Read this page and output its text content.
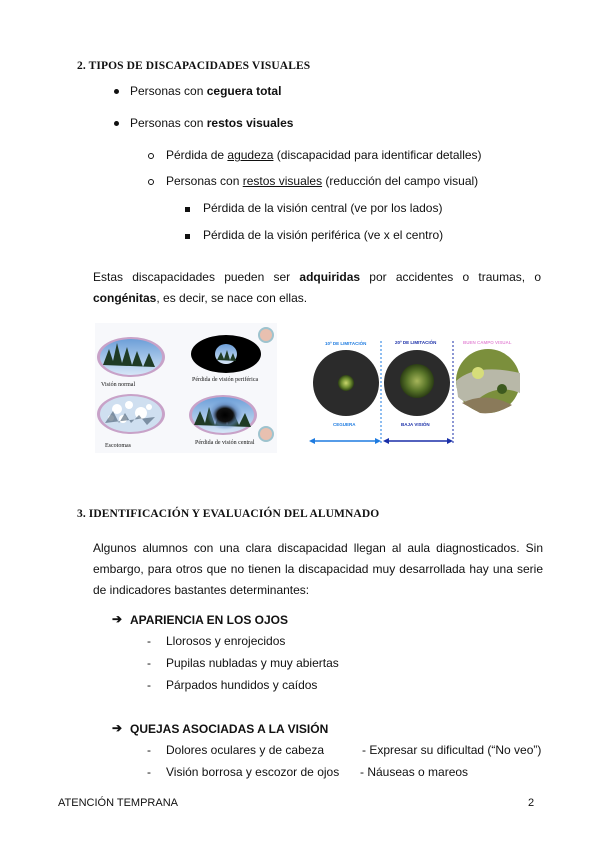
2. TIPOS DE DISCAPACIDADES VISUALES
Personas con ceguera total
Personas con restos visuales
Pérdida de agudeza (discapacidad para identificar detalles)
Personas con restos visuales (reducción del campo visual)
Pérdida de la visión central (ve por los lados)
Pérdida de la visión periférica (ve x el centro)
Estas discapacidades pueden ser adquiridas por accidentes o traumas, o congénitas, es decir, se nace con ellas.
Visión normal
Pérdida de visión periférica
Escotomas	Pérdida de visión central
10º DE LIMITACIÓN	20º DE LIMITACIÓN	BUEN CAMPO VISUAL
CEGUERA	BAJA VISIÓN
3. IDENTIFICACIÓN Y EVALUACIÓN DEL ALUMNADO
Algunos alumnos con una clara discapacidad llegan al aula diagnosticados. Sin
embargo, para otros que no tienen la discapacidad muy desarrollada hay una serie
de indicadores bastantes determinantes:
➔ APARIENCIA EN LOS OJOS
- Llorosos y enrojecidos
- Pupilas nubladas y muy abiertas
- Párpados hundidos y caídos
➔ QUEJAS ASOCIADAS A LA VISIÓN
- Dolores oculares y de cabeza	- Expresar su dificultad (“No veo”)
- Visión borrosa y escozor de ojos - Náuseas o mareos
ATENCIÓN TEMPRANA	2
